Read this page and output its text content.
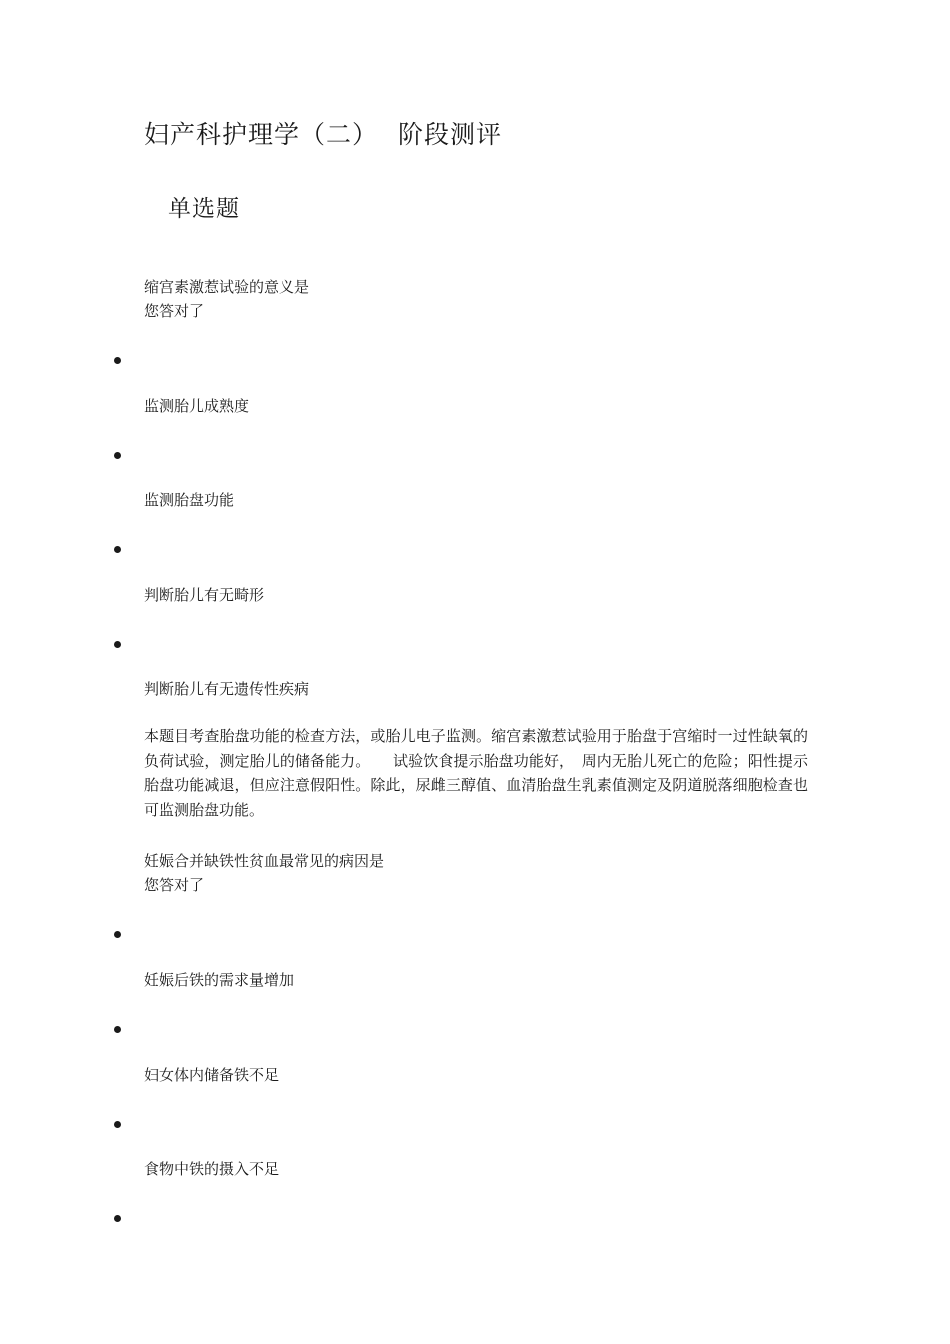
妇产科护理学（二） 阶段测评
单选题
缩宫素激惹试验的意义是
您答对了
监测胎儿成熟度
监测胎盘功能
判断胎儿有无畸形
判断胎儿有无遗传性疾病
本题目考查胎盘功能的检查方法，或胎儿电子监测。缩宫素激惹试验用于胎盘于宫缩时一过性缺氧的负荷试验，测定胎儿的储备能力。　　试验饮食提示胎盘功能好，　周内无胎儿死亡的危险；阳性提示胎盘功能减退，但应注意假阳性。除此，尿雌三醇值、血清胎盘生乳素值测定及阴道脱落细胞检查也可监测胎盘功能。
妊娠合并缺铁性贫血最常见的病因是
您答对了
妊娠后铁的需求量增加
妇女体内储备铁不足
食物中铁的摄入不足
